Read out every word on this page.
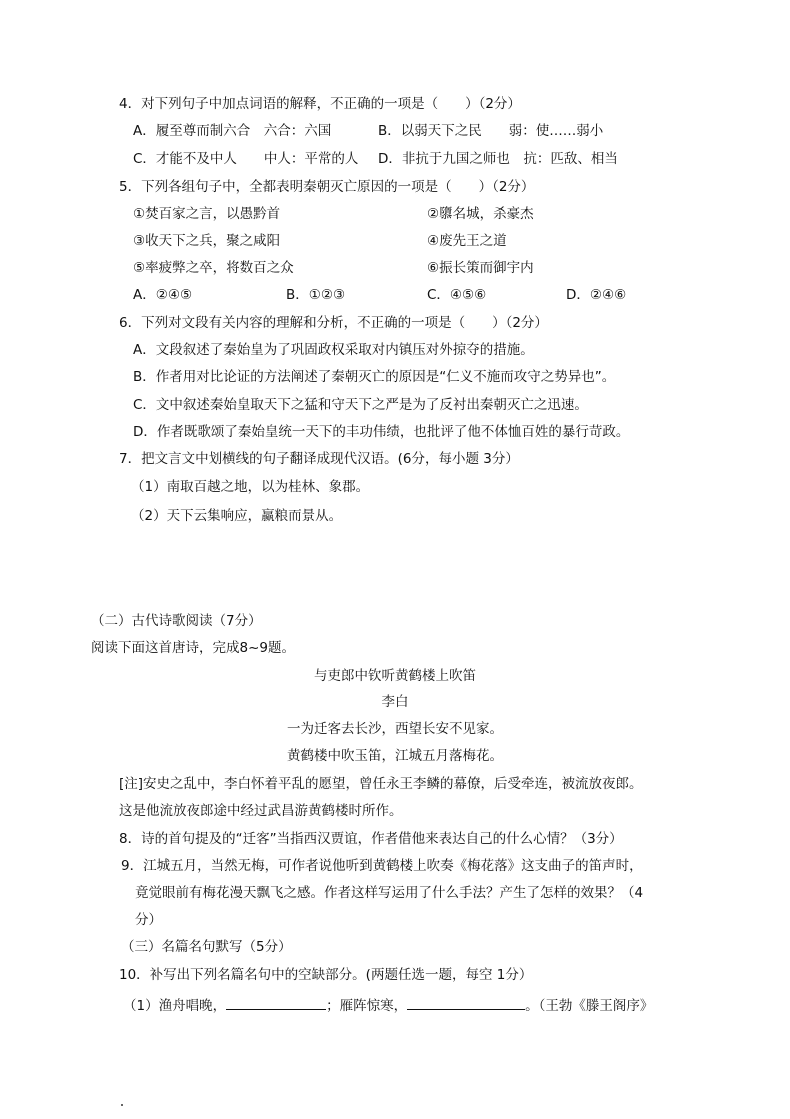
4．对下列句子中加点词语的解释，不正确的一项是（　　）（2分）
A．履至尊而制六合　六合：六国	B．以弱天下之民　　弱：使……弱小
C．才能不及中人　　中人：平常的人 D．非抗于九国之师也　抗：匹敌、相当
5．下列各组句子中，全都表明秦朝灭亡原因的一项是（　　）（2分）
①焚百家之言，以愚黔首	②隳名城，杀豪杰
③收天下之兵，聚之咸阳	④废先王之道
⑤率疲弊之卒，将数百之众	⑥振长策而御宇内
A．②④⑤	B．①②③	C．④⑤⑥	D．②④⑥
6．下列对文段有关内容的理解和分析，不正确的一项是（　　）（2分）
A．文段叙述了秦始皇为了巩固政权采取对内镇压对外掠夺的措施。
B．作者用对比论证的方法阐述了秦朝灭亡的原因是“仁义不施而攻守之势异也”。
C．文中叙述秦始皇取天下之猛和守天下之严是为了反衬出秦朝灭亡之迅速。
D．作者既歌颂了秦始皇统一天下的丰功伟绩，也批评了他不体恤百姓的暴行苛政。
7．把文言文中划横线的句子翻译成现代汉语。(6分，每小题 3分）
（1）南取百越之地，以为桂林、象郡。
（2）天下云集响应，赢粮而景从。
（二）古代诗歌阅读（7分）
阅读下面这首唐诗，完成8~9题。
与吏郎中钦听黄鹤楼上吹笛
李白
一为迁客去长沙，西望长安不见家。
黄鹤楼中吹玉笛，江城五月落梅花。
[注]安史之乱中，李白怀着平乱的愿望，曾任永王李鳞的幕僚，后受牵连，被流放夜郎。
这是他流放夜郎途中经过武昌游黄鹤楼时所作。
8．诗的首句提及的“迁客”当指西汉贾谊，作者借他来表达自己的什么心情？（3分）
9．江城五月，当然无梅，可作者说他听到黄鹤楼上吹奏《梅花落》这支曲子的笛声时，
竟觉眼前有梅花漫天飘飞之感。作者这样写运用了什么手法？产生了怎样的效果？（4
分）
（三）名篇名句默写（5分）
10．补写出下列名篇名句中的空缺部分。(两题任选一题，每空 1分）
（1）渔舟唱晚，	；雁阵惊寒，	。（王勃《滕王阁序》
